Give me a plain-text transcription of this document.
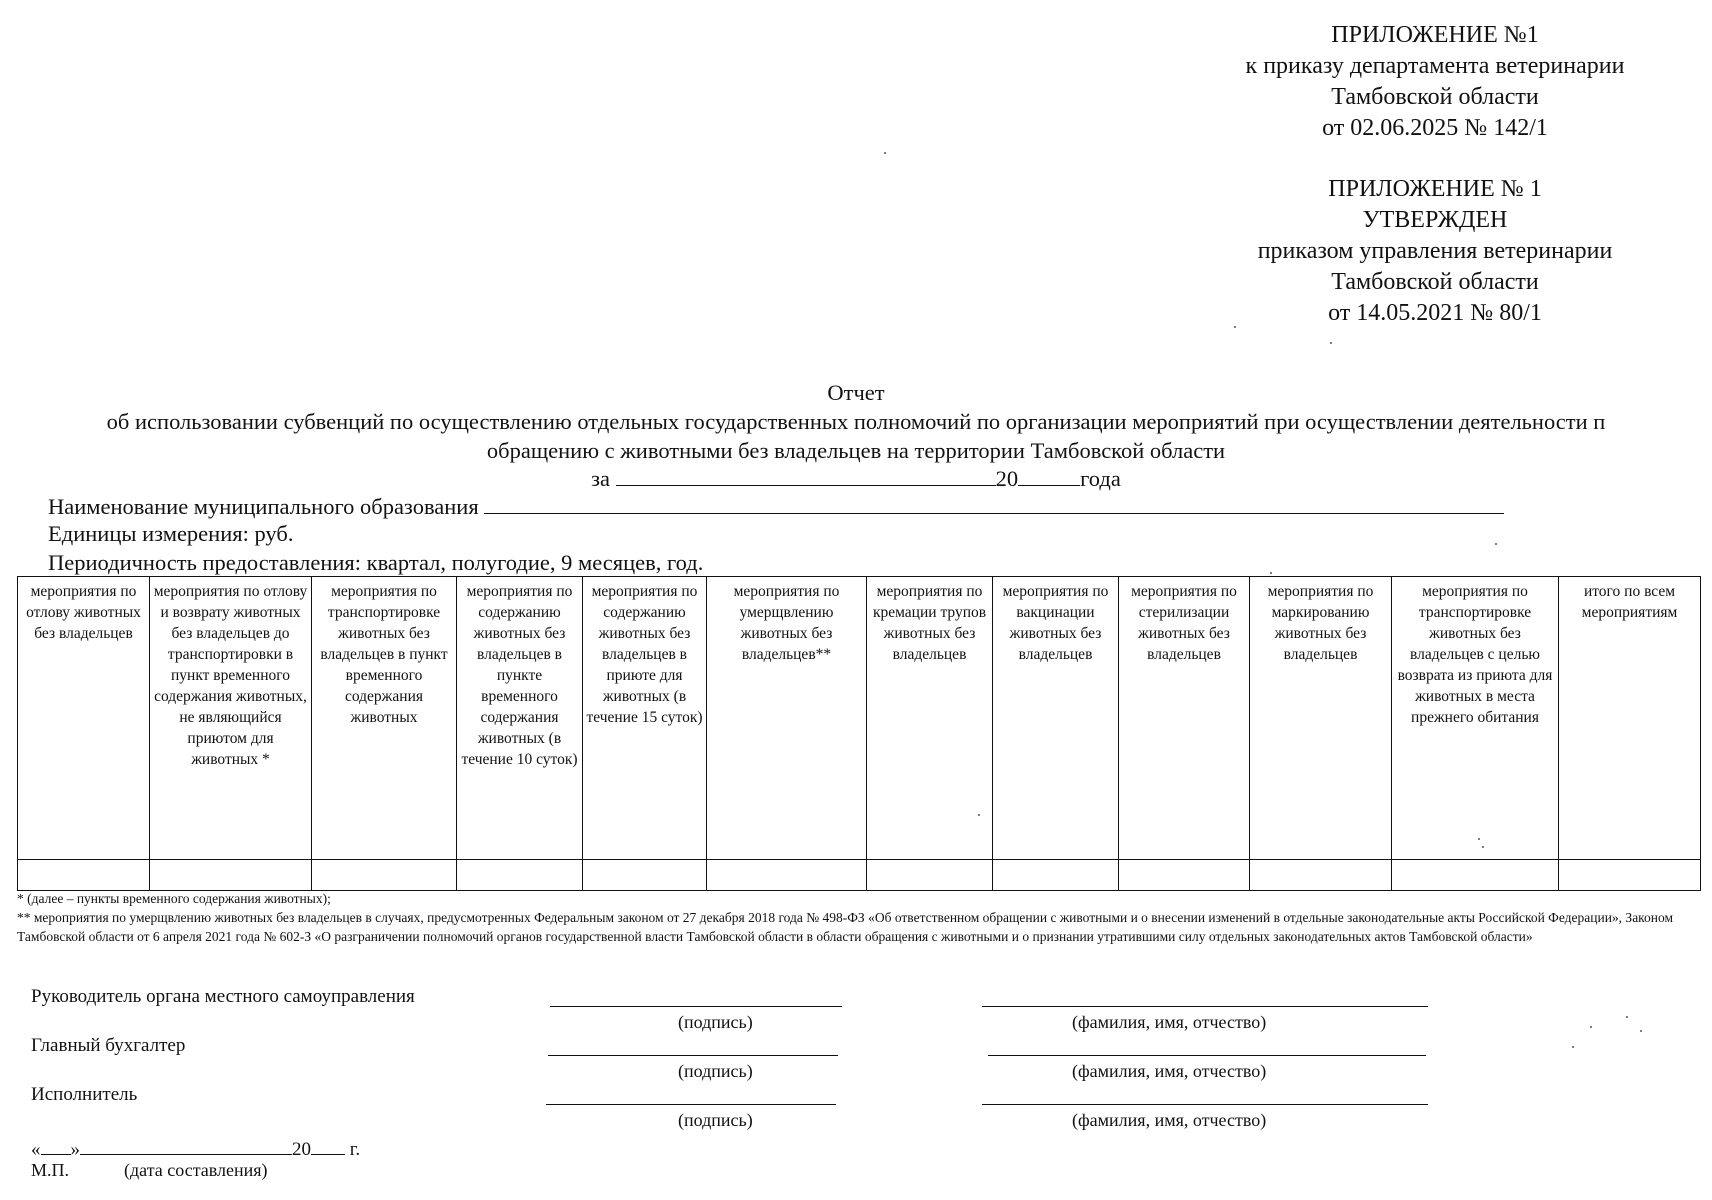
ПРИЛОЖЕНИЕ №1
к приказу департамента ветеринарии
Тамбовской области
от 02.06.2025 № 142/1
ПРИЛОЖЕНИЕ № 1
УТВЕРЖДЕН
приказом управления ветеринарии
Тамбовской области
от 14.05.2021 № 80/1
Отчет
об использовании субвенций по осуществлению отдельных государственных полномочий по организации мероприятий при осуществлении деятельности п
обращению с животными без владельцев на территории Тамбовской области
за	20	года
Наименование муниципального образования
Единицы измерения: руб.
Периодичность предоставления: квартал, полугодие, 9 месяцев, год.
мероприятия по отлову животных без владельцев	мероприятия по отлову и возврату животных без владельцев до транспортировки в пункт временного содержания животных, не являющийся приютом для животных *	мероприятия по транспортировке животных без владельцев в пункт временного содержания животных	мероприятия по содержанию животных без владельцев в пункте временного содержания животных (в течение 10 суток)	мероприятия по содержанию животных без владельцев в приюте для животных (в течение 15 суток)	мероприятия по умерщвлению животных без владельцев**	мероприятия по кремации трупов животных без владельцев	мероприятия по вакцинации животных без владельцев	мероприятия по стерилизации животных без владельцев	мероприятия по маркированию животных без владельцев	мероприятия по транспортировке животных без владельцев с целью возврата из приюта для животных в места прежнего обитания	итого по всем мероприятиям

* (далее – пункты временного содержания животных);
** мероприятия по умерщвлению животных без владельцев в случаях, предусмотренных Федеральным законом от 27 декабря 2018 года № 498-ФЗ «Об ответственном обращении с животными и о внесении изменений в отдельные законодательные акты Российской Федерации», Законом Тамбовской области от 6 апреля 2021 года № 602-З «О разграничении полномочий органов государственной власти Тамбовской области в области обращения с животными и о признании утратившими силу отдельных законодательных актов Тамбовской области»
Руководитель органа местного самоуправления
(подпись)	(фамилия, имя, отчество)
Главный бухгалтер
(подпись)	(фамилия, имя, отчество)
Исполнитель
(подпись)	(фамилия, имя, отчество)
« »	20 г.
М.П.	(дата составления)
